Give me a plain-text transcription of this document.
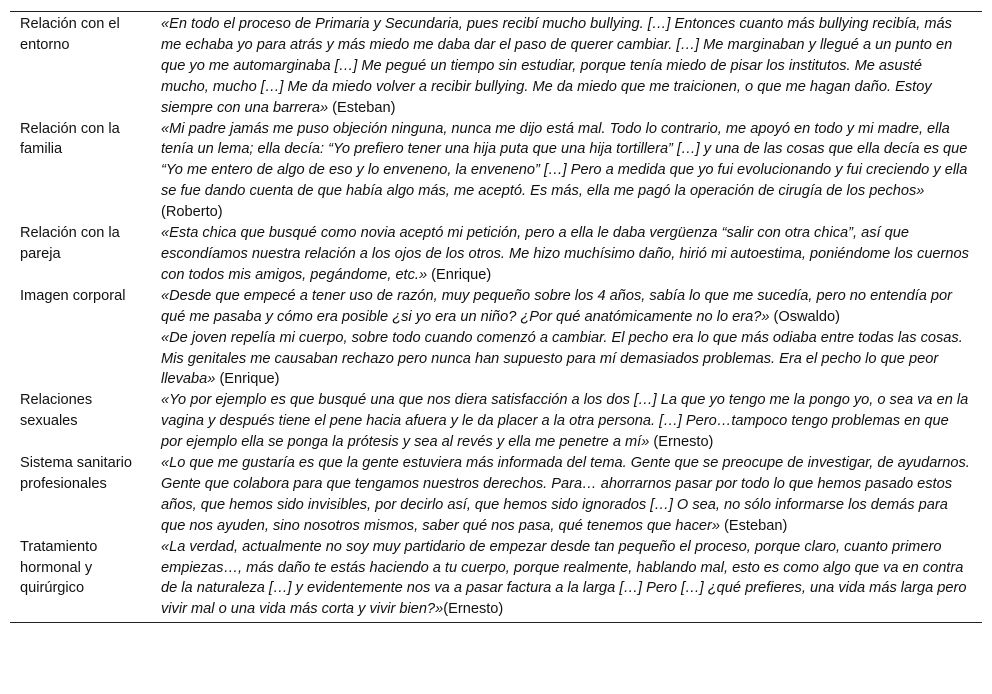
Relación con el entorno	«En todo el proceso de Primaria y Secundaria, pues recibí mucho bullying. […] Entonces cuanto más bullying recibía, más me echaba yo para atrás y más miedo me daba dar el paso de querer cambiar. […] Me marginaban y llegué a un punto en que yo me automarginaba […] Me pegué un tiempo sin estudiar, porque tenía miedo de pisar los institutos. Me asusté mucho, mucho […] Me da miedo volver a recibir bullying. Me da miedo que me traicionen, o que me hagan daño. Estoy siempre con una barrera» (Esteban)

Relación con la familia	«Mi padre jamás me puso objeción ninguna, nunca me dijo está mal. Todo lo contrario, me apoyó en todo y mi madre, ella tenía un lema; ella decía: “Yo prefiero tener una hija puta que una hija tortillera” […] y una de las cosas que ella decía es que “Yo me entero de algo de eso y lo enveneno, la enveneno” […] Pero a medida que yo fui evolucionando y fui creciendo y ella se fue dando cuenta de que había algo más, me aceptó. Es más, ella me pagó la operación de cirugía de los pechos» (Roberto)

Relación con la pareja	«Esta chica que busqué como novia aceptó mi petición, pero a ella le daba vergüenza “salir con otra chica”, así que escondíamos nuestra relación a los ojos de los otros. Me hizo muchísimo daño, hirió mi autoestima, poniéndome los cuernos con todos mis amigos, pegándome, etc.» (Enrique)

Imagen corporal	«Desde que empecé a tener uso de razón, muy pequeño sobre los 4 años, sabía lo que me sucedía, pero no entendía por qué me pasaba y cómo era posible ¿si yo era un niño? ¿Por qué anatómicamente no lo era?» (Oswaldo)
«De joven repelía mi cuerpo, sobre todo cuando comenzó a cambiar. El pecho era lo que más odiaba entre todas las cosas. Mis genitales me causaban rechazo pero nunca han supuesto para mí demasiados problemas. Era el pecho lo que peor llevaba» (Enrique)

Relaciones sexuales	«Yo por ejemplo es que busqué una que nos diera satisfacción a los dos […] La que yo tengo me la pongo yo, o sea va en la vagina y después tiene el pene hacia afuera y le da placer a la otra persona. […] Pero…tampoco tengo problemas en que por ejemplo ella se ponga la prótesis y sea al revés y ella me penetre a mí» (Ernesto)

Sistema sanitario profesionales	«Lo que me gustaría es que la gente estuviera más informada del tema. Gente que se preocupe de investigar, de ayudarnos. Gente que colabora para que tengamos nuestros derechos. Para… ahorrarnos pasar por todo lo que hemos pasado estos años, que hemos sido invisibles, por decirlo así, que hemos sido ignorados […] O sea, no sólo informarse los demás para que nos ayuden, sino nosotros mismos, saber qué nos pasa, qué tenemos que hacer» (Esteban)

Tratamiento hormonal y quirúrgico	«La verdad, actualmente no soy muy partidario de empezar desde tan pequeño el proceso, porque claro, cuanto primero empiezas…, más daño te estás haciendo a tu cuerpo, porque realmente, hablando mal, esto es como algo que va en contra de la naturaleza […] y evidentemente nos va a pasar factura a la larga […] Pero […] ¿qué prefieres, una vida más larga pero vivir mal o una vida más corta y vivir bien?»(Ernesto)
